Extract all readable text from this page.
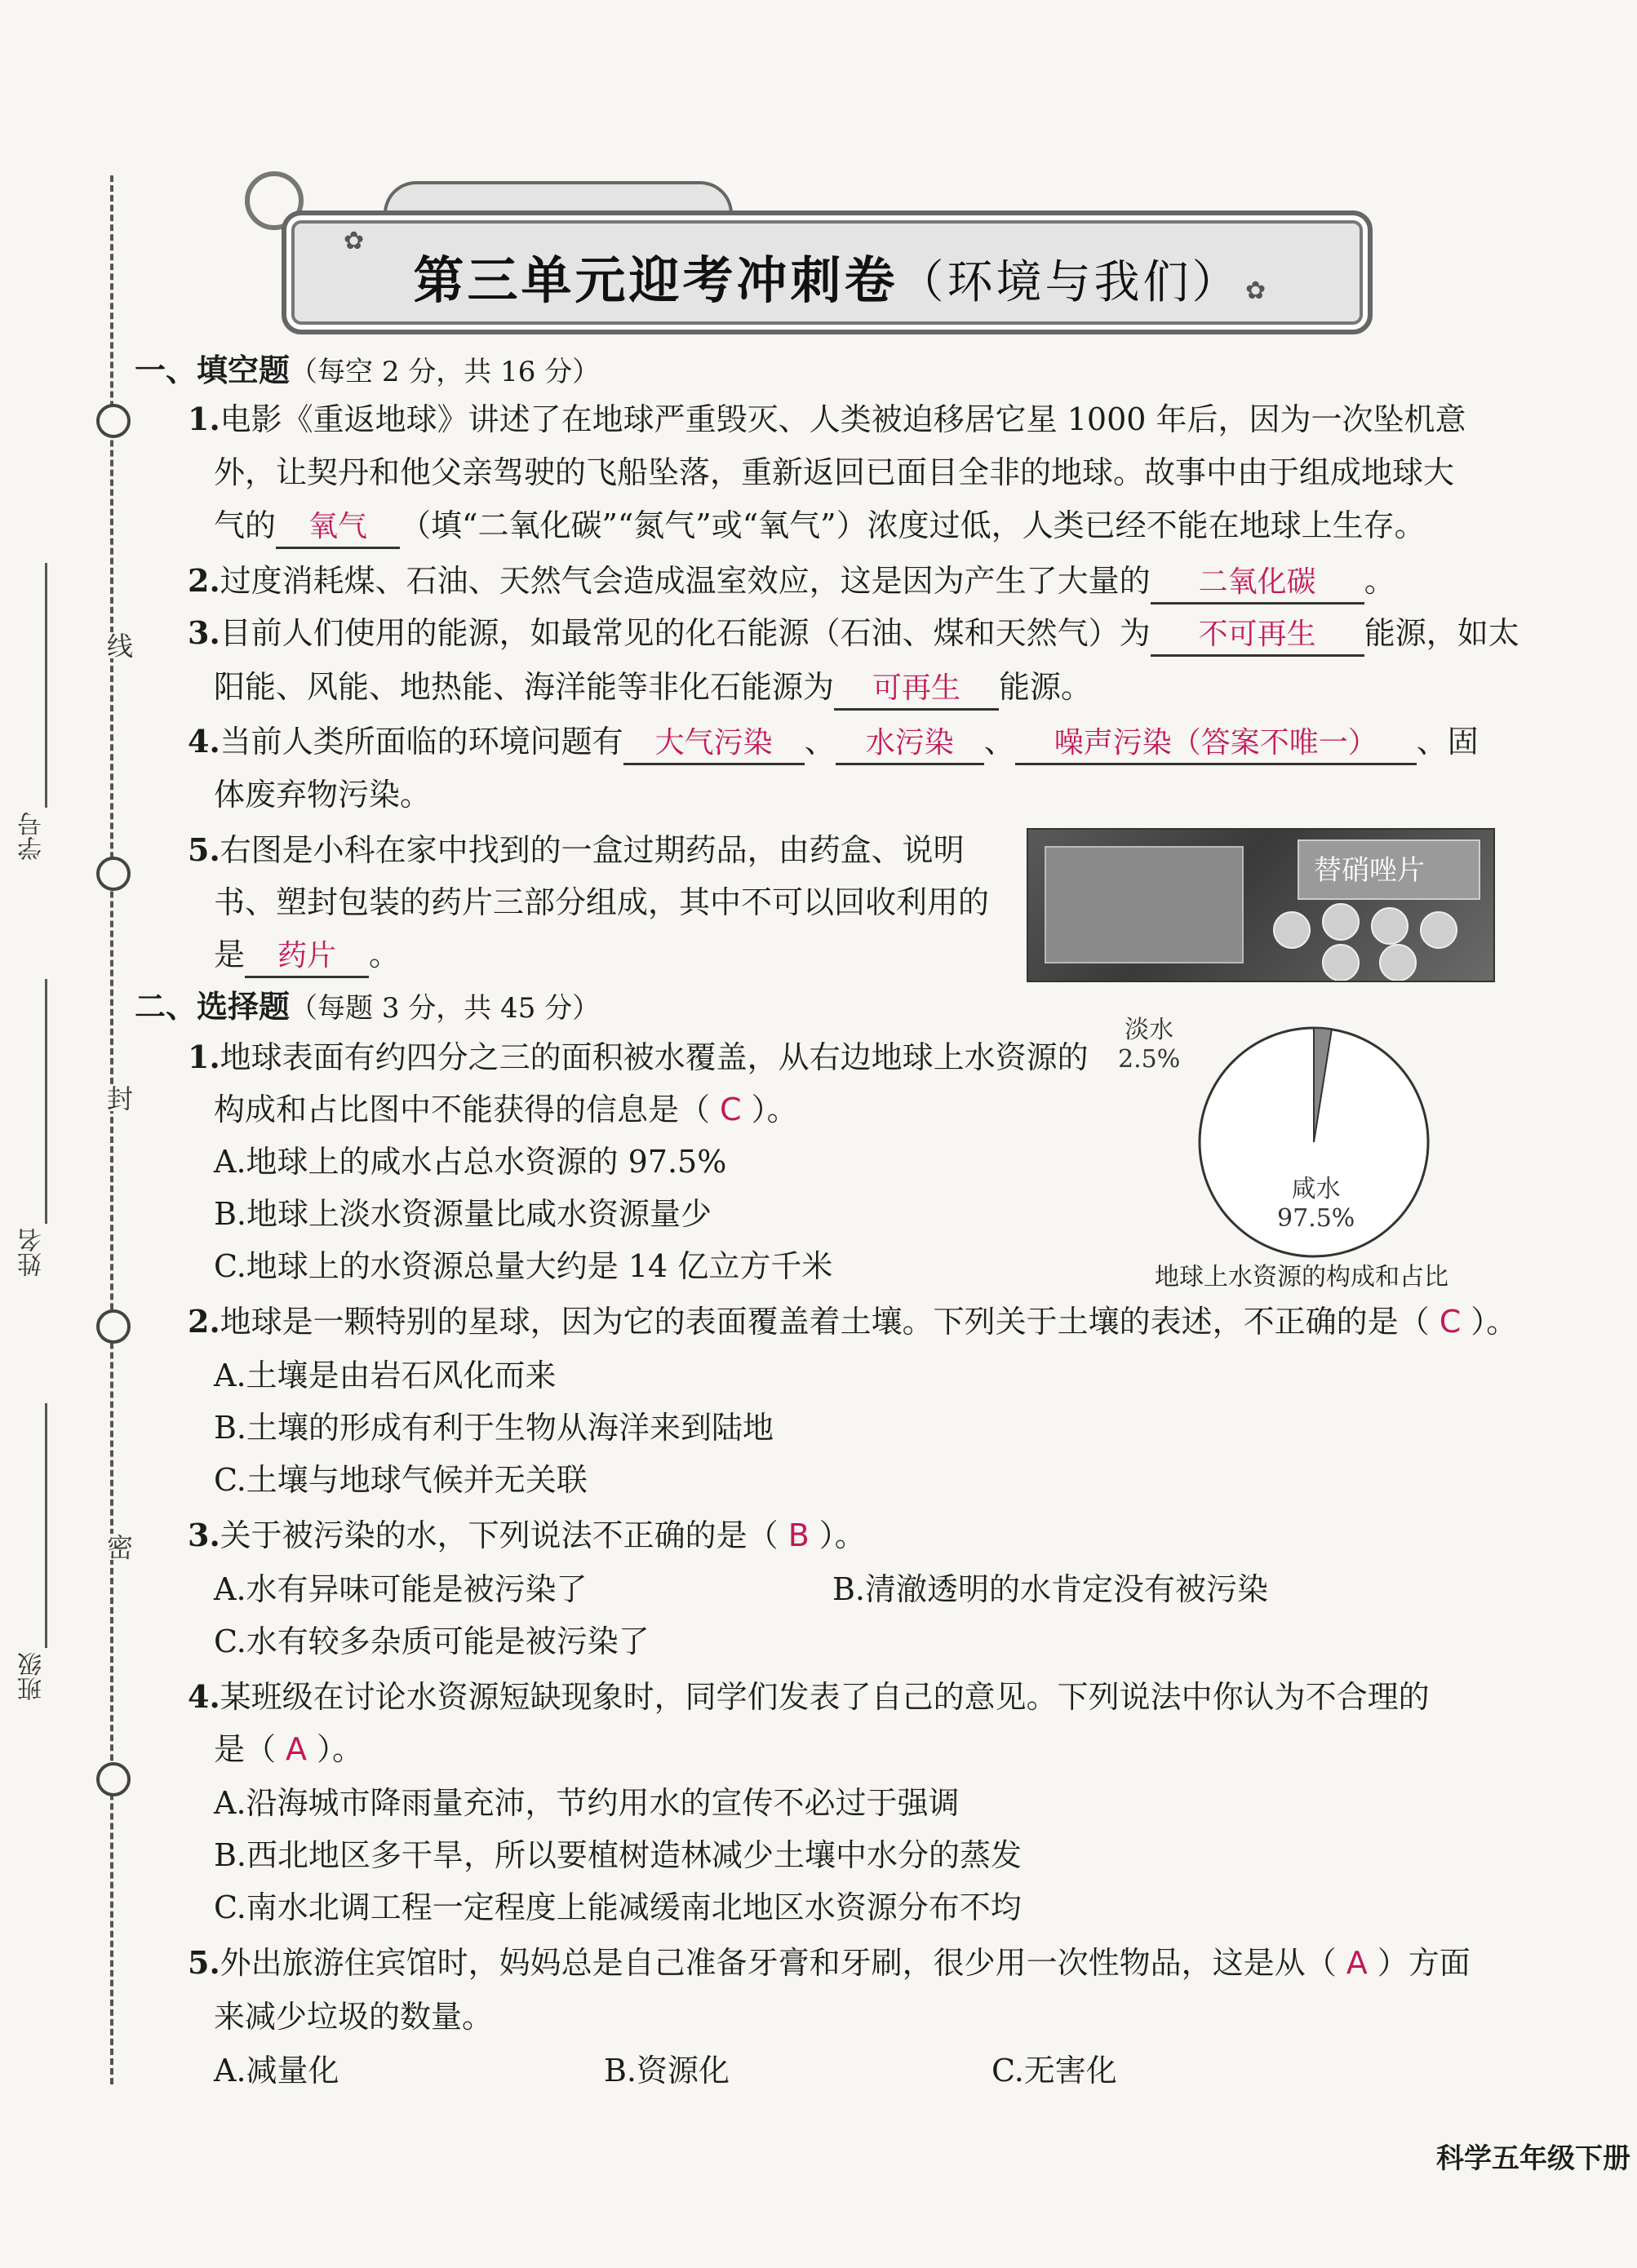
线
封
密
学号
姓名
班级
第三单元迎考冲刺卷（环境与我们）
✿
✿
一、填空题（每空 2 分，共 16 分）
1.电影《重返地球》讲述了在地球严重毁灭、人类被迫移居它星 1000 年后，因为一次坠机意
外，让契丹和他父亲驾驶的飞船坠落，重新返回已面目全非的地球。故事中由于组成地球大
气的 氧气 （填“二氧化碳”“氮气”或“氧气”）浓度过低，人类已经不能在地球上生存。
2.过度消耗煤、石油、天然气会造成温室效应，这是因为产生了大量的 二氧化碳 。
3.目前人们使用的能源，如最常见的化石能源（石油、煤和天然气）为 不可再生 能源，如太
阳能、风能、地热能、海洋能等非化石能源为 可再生 能源。
4.当前人类所面临的环境问题有 大气污染 、 水污染 、 噪声污染（答案不唯一） 、固
体废弃物污染。
5.右图是小科在家中找到的一盒过期药品，由药盒、说明
书、塑封包装的药片三部分组成，其中不可以回收利用的
是 药片 。
替硝唑片
二、选择题（每题 3 分，共 45 分）
1.地球表面有约四分之三的面积被水覆盖，从右边地球上水资源的
构成和占比图中不能获得的信息是（ C ）。
A.地球上的咸水占总水资源的 97.5%
B.地球上淡水资源量比咸水资源量少
C.地球上的水资源总量大约是 14 亿立方千米
淡水
2.5%
咸水
97.5%
地球上水资源的构成和占比
2.地球是一颗特别的星球，因为它的表面覆盖着土壤。下列关于土壤的表述，不正确的是（ C ）。
A.土壤是由岩石风化而来
B.土壤的形成有利于生物从海洋来到陆地
C.土壤与地球气候并无关联
3.关于被污染的水，下列说法不正确的是（ B ）。
A.水有异味可能是被污染了	B.清澈透明的水肯定没有被污染
C.水有较多杂质可能是被污染了
4.某班级在讨论水资源短缺现象时，同学们发表了自己的意见。下列说法中你认为不合理的
是（ A ）。
A.沿海城市降雨量充沛，节约用水的宣传不必过于强调
B.西北地区多干旱，所以要植树造林减少土壤中水分的蒸发
C.南水北调工程一定程度上能减缓南北地区水资源分布不均
5.外出旅游住宾馆时，妈妈总是自己准备牙膏和牙刷，很少用一次性物品，这是从（ A ）方面
来减少垃圾的数量。
A.减量化	B.资源化	C.无害化
科学五年级下册
